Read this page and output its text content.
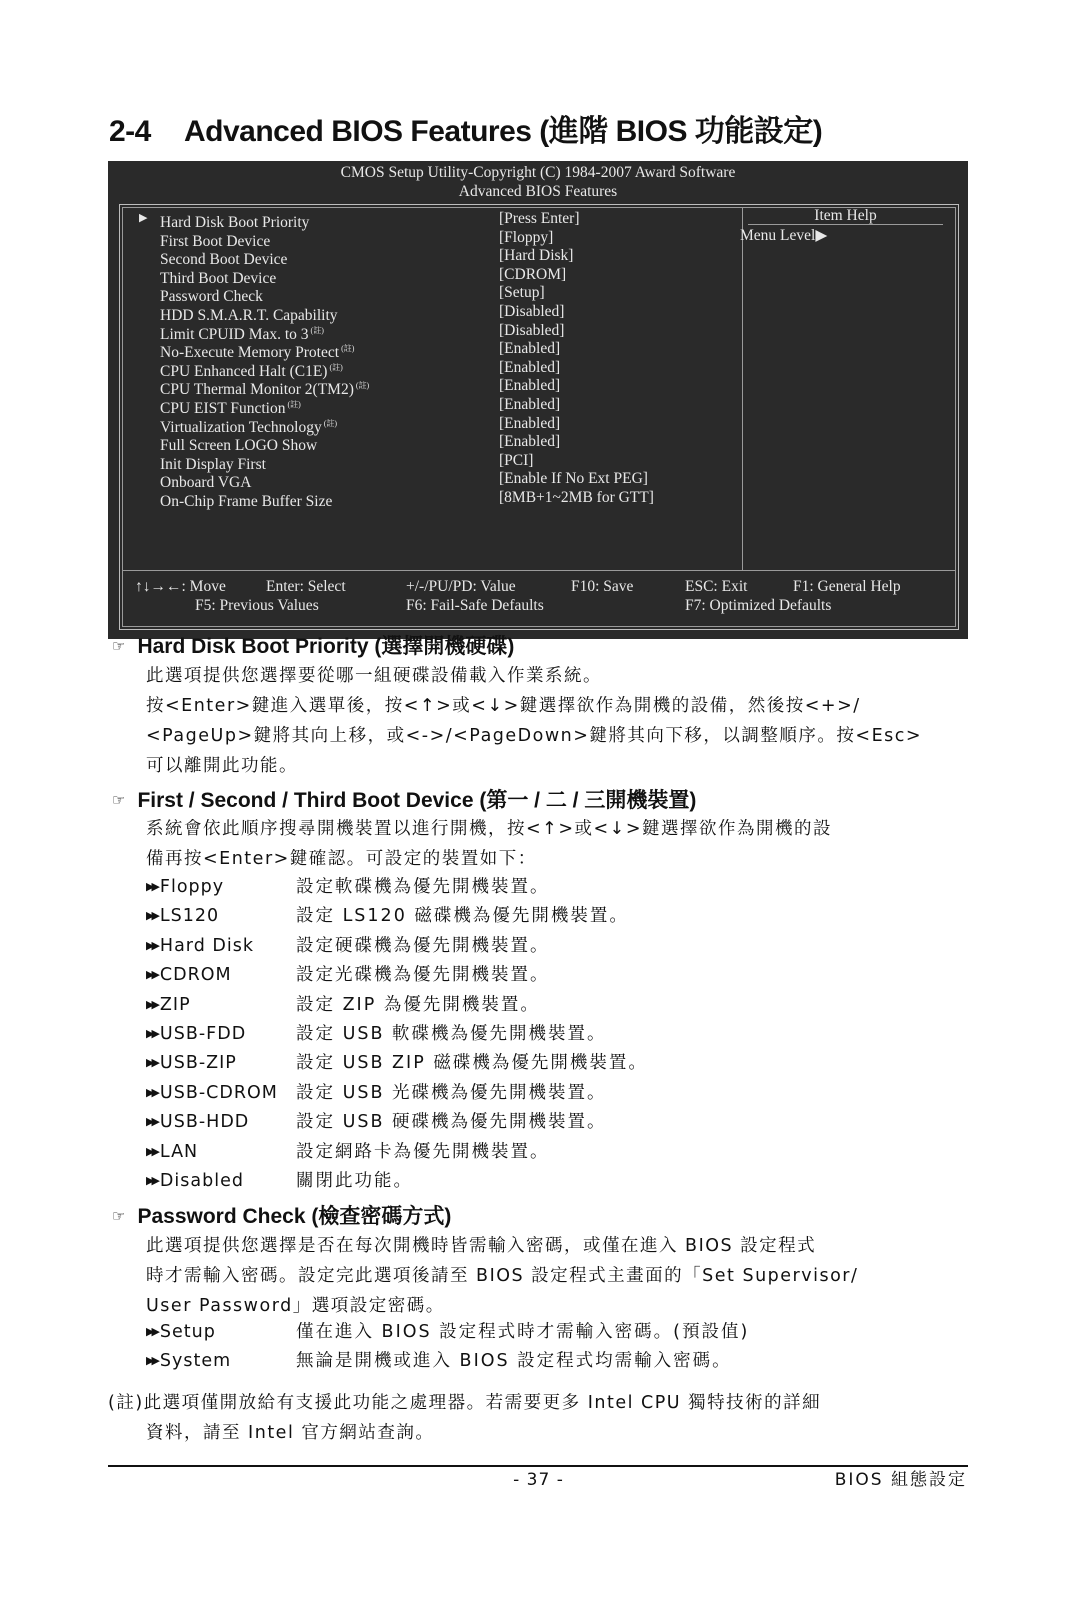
2-4 Advanced BIOS Features (進階 BIOS 功能設定)
CMOS Setup Utility-Copyright (C) 1984-2007 Award Software
Advanced BIOS Features
▶ Hard Disk Boot Priority	[Press Enter]
First Boot Device	[Floppy]
Second Boot Device	[Hard Disk]
Third Boot Device	[CDROM]
Password Check	[Setup]
HDD S.M.A.R.T. Capability	[Disabled]
Limit CPUID Max. to 3 $^{(註)}$	[Disabled]
No-Execute Memory Protect $^{(註)}$	[Enabled]
CPU Enhanced Halt (C1E) $^{(註)}$	[Enabled]
CPU Thermal Monitor 2(TM2) $^{(註)}$	[Enabled]
CPU EIST Function $^{(註)}$	[Enabled]
Virtualization Technology $^{(註)}$	[Enabled]
Full Screen LOGO Show	[Enabled]
Init Display First	[PCI]
Onboard VGA	[Enable If No Ext PEG]
On-Chip Frame Buffer Size	[8MB+1~2MB for GTT]
Item Help
Menu Level▶
↑↓→←: Move	Enter: Select	+/-/PU/PD: Value	F10: Save	ESC: Exit	F1: General Help
F5: Previous Values	F6: Fail-Safe Defaults	F7: Optimized Defaults
☞ Hard Disk Boot Priority (選擇開機硬碟)

此選項提供您選擇要從哪一組硬碟設備載入作業系統。

按<Enter>鍵進入選單後，按<↑>或<↓>鍵選擇欲作為開機的設備，然後按<+>/

<PageUp>鍵將其向上移，或<->/<PageDown>鍵將其向下移，以調整順序。按<Esc>

可以離開此功能。

☞ First / Second / Third Boot Device (第一 / 二 / 三開機裝置)

系統會依此順序搜尋開機裝置以進行開機，按<↑>或<↓>鍵選擇欲作為開機的設

備再按<Enter>鍵確認。可設定的裝置如下：

▶▶ Floppy	設定軟碟機為優先開機裝置。
▶▶ LS120	設定 LS120 磁碟機為優先開機裝置。
▶▶ Hard Disk 設定硬碟機為優先開機裝置。
▶▶ CDROM	設定光碟機為優先開機裝置。
▶▶ ZIP	設定 ZIP 為優先開機裝置。
▶▶ USB-FDD	設定 USB 軟碟機為優先開機裝置。
▶▶ USB-ZIP	設定 USB ZIP 磁碟機為優先開機裝置。
▶▶ USB-CDROM 設定 USB 光碟機為優先開機裝置。
▶▶ USB-HDD	設定 USB 硬碟機為優先開機裝置。
▶▶ LAN	設定網路卡為優先開機裝置。
▶▶ Disabled	關閉此功能。
☞ Password Check (檢查密碼方式)

此選項提供您選擇是否在每次開機時皆需輸入密碼，或僅在進入 BIOS 設定程式

時才需輸入密碼。設定完此選項後請至 BIOS 設定程式主畫面的「Set Supervisor/

User Password」選項設定密碼。

▶▶ Setup	僅在進入 BIOS 設定程式時才需輸入密碼。(預設值)
▶▶ System	無論是開機或進入 BIOS 設定程式均需輸入密碼。

(註)此選項僅開放給有支援此功能之處理器。若需要更多 Intel CPU 獨特技術的詳細

資料，請至 Intel 官方網站查詢。

- 37 -	BIOS 組態設定
